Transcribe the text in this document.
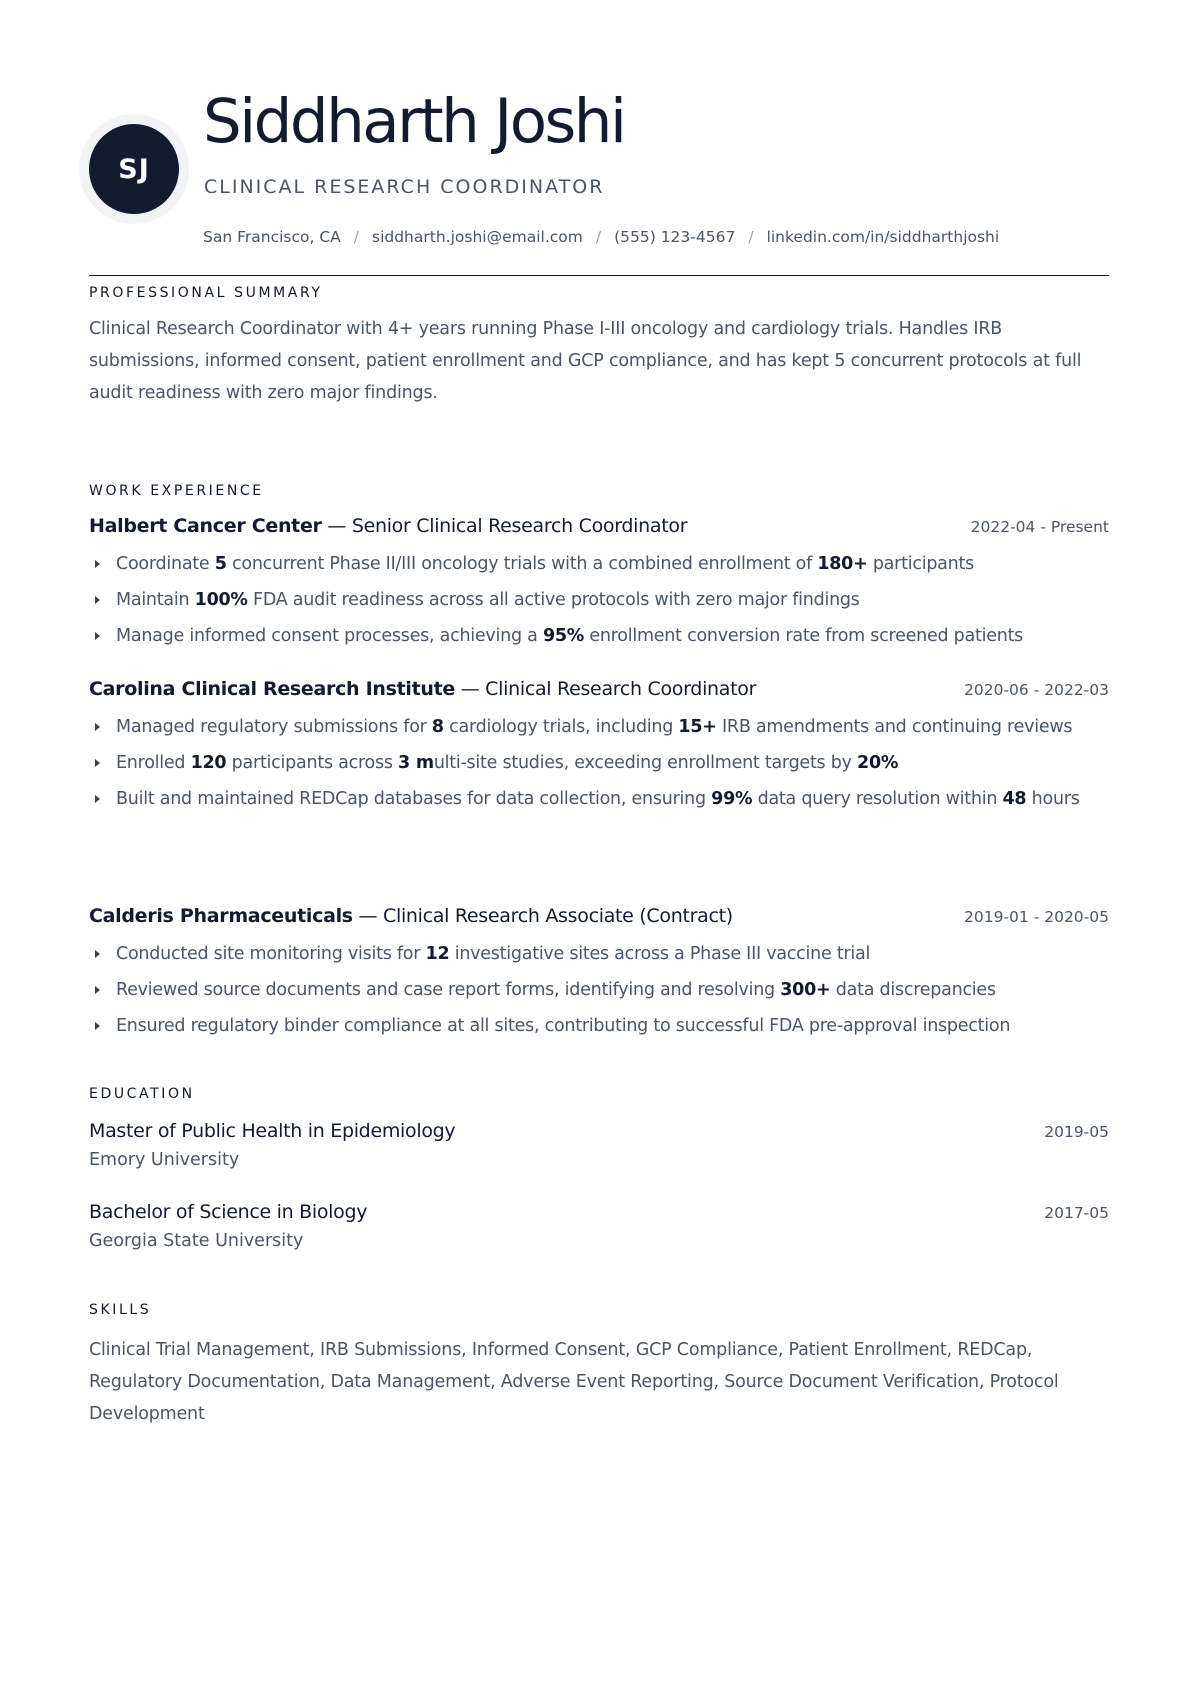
SJ
Siddharth Joshi
CLINICAL RESEARCH COORDINATOR
San Francisco, CA / siddharth.joshi@email.com / (555) 123-4567 / linkedin.com/in/siddharthjoshi
PROFESSIONAL SUMMARY
Clinical Research Coordinator with 4+ years running Phase I-III oncology and cardiology trials. Handles IRB submissions, informed consent, patient enrollment and GCP compliance, and has kept 5 concurrent protocols at full audit readiness with zero major findings.
WORK EXPERIENCE
Halbert Cancer Center — Senior Clinical Research Coordinator	2022-04 - Present
Coordinate 5 concurrent Phase II/III oncology trials with a combined enrollment of 180+ participants
Maintain 100% FDA audit readiness across all active protocols with zero major findings
Manage informed consent processes, achieving a 95% enrollment conversion rate from screened patients
Carolina Clinical Research Institute — Clinical Research Coordinator	2020-06 - 2022-03
Managed regulatory submissions for 8 cardiology trials, including 15+ IRB amendments and continuing reviews
Enrolled 120 participants across 3 multi-site studies, exceeding enrollment targets by 20%
Built and maintained REDCap databases for data collection, ensuring 99% data query resolution within 48 hours
Calderis Pharmaceuticals — Clinical Research Associate (Contract)	2019-01 - 2020-05
Conducted site monitoring visits for 12 investigative sites across a Phase III vaccine trial
Reviewed source documents and case report forms, identifying and resolving 300+ data discrepancies
Ensured regulatory binder compliance at all sites, contributing to successful FDA pre-approval inspection
EDUCATION
Master of Public Health in Epidemiology
Emory University
2019-05
Bachelor of Science in Biology
Georgia State University
2017-05
SKILLS
Clinical Trial Management, IRB Submissions, Informed Consent, GCP Compliance, Patient Enrollment, REDCap, Regulatory Documentation, Data Management, Adverse Event Reporting, Source Document Verification, Protocol Development
